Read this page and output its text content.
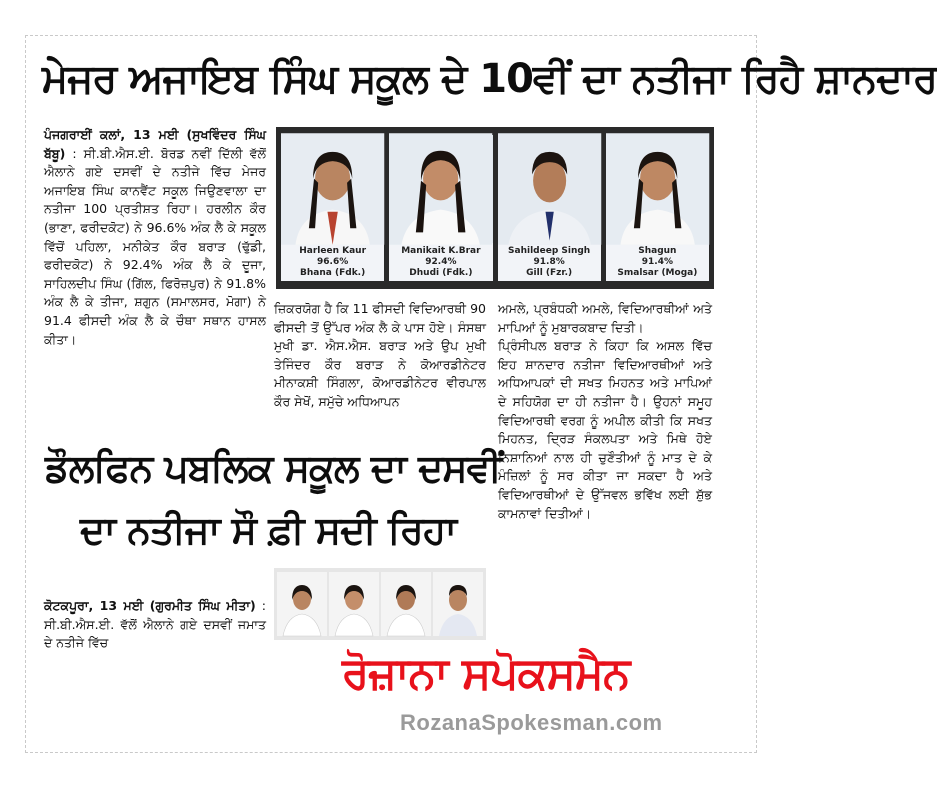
ਮੇਜਰ ਅਜਾਇਬ ਸਿੰਘ ਸਕੂਲ ਦੇ 10ਵੀਂ ਦਾ ਨਤੀਜਾ ਰਿਹੈ ਸ਼ਾਨਦਾਰ

ਪੰਜਗਰਾਈਂ ਕਲਾਂ, 13 ਮਈ (ਸੁਖਵਿੰਦਰ ਸਿੰਘ ਬੱਬੂ) : ਸੀ.ਬੀ.ਐਸ.ਈ. ਬੋਰਡ ਨਵੀਂ ਦਿੱਲੀ ਵੱਲੋਂ ਐਲਾਨੇ ਗਏ ਦਸਵੀਂ ਦੇ ਨਤੀਜੇ ਵਿੱਚ ਮੇਜਰ ਅਜਾਇਬ ਸਿੰਘ ਕਾਨਵੈਂਟ ਸਕੂਲ ਜਿਉਣਵਾਲਾ ਦਾ ਨਤੀਜਾ 100 ਪ੍ਰਤੀਸ਼ਤ ਰਿਹਾ। ਹਰਲੀਨ ਕੌਰ (ਭਾਣਾ, ਫਰੀਦਕੋਟ) ਨੇ 96.6% ਅੰਕ ਲੈ ਕੇ ਸਕੂਲ ਵਿੱਚੋਂ ਪਹਿਲਾ, ਮਨੀਕੇਤ ਕੌਰ ਬਰਾੜ (ਢੁੱਡੀ, ਫਰੀਦਕੋਟ) ਨੇ 92.4% ਅੰਕ ਲੈ ਕੇ ਦੂਜਾ, ਸਾਹਿਲਦੀਪ ਸਿੰਘ (ਗਿੱਲ, ਫਿਰੋਜ਼ਪੁਰ) ਨੇ 91.8% ਅੰਕ ਲੈ ਕੇ ਤੀਜਾ, ਸ਼ਗੁਨ (ਸਮਾਲਸਰ, ਮੋਗਾ) ਨੇ 91.4 ਫੀਸਦੀ ਅੰਕ ਲੈ ਕੇ ਚੌਥਾ ਸਥਾਨ ਹਾਸਲ ਕੀਤਾ।

Harleen Kaur
96.6%
Bhana (Fdk.)
Manikait K.Brar
92.4%
Dhudi (Fdk.)
Sahildeep Singh
91.8%
Gill (Fzr.)
Shagun
91.4%
Smalsar (Moga)

ਜ਼ਿਕਰਯੋਗ ਹੈ ਕਿ 11 ਫੀਸਦੀ ਵਿਦਿਆਰਥੀ 90 ਫੀਸਦੀ ਤੋਂ ਉੱਪਰ ਅੰਕ ਲੈ ਕੇ ਪਾਸ ਹੋਏ। ਸੰਸਥਾ ਮੁਖੀ ਡਾ. ਐਸ.ਐਸ. ਬਰਾੜ ਅਤੇ ਉਪ ਮੁਖੀ ਤੇਜਿੰਦਰ ਕੌਰ ਬਰਾੜ ਨੇ ਕੋਆਰਡੀਨੇਟਰ ਮੀਨਾਕਸ਼ੀ ਸਿੰਗਲਾ, ਕੋਆਰਡੀਨੇਟਰ ਵੀਰਪਾਲ ਕੌਰ ਸੇਖੋਂ, ਸਮੁੱਚੇ ਅਧਿਆਪਨ

ਅਮਲੇ, ਪ੍ਰਬੰਧਕੀ ਅਮਲੇ, ਵਿਦਿਆਰਥੀਆਂ ਅਤੇ ਮਾਪਿਆਂ ਨੂੰ ਮੁਬਾਰਕਬਾਦ ਦਿਤੀ।

ਪ੍ਰਿੰਸੀਪਲ ਬਰਾੜ ਨੇ ਕਿਹਾ ਕਿ ਅਸਲ ਵਿੱਚ ਇਹ ਸ਼ਾਨਦਾਰ ਨਤੀਜਾ ਵਿਦਿਆਰਥੀਆਂ ਅਤੇ ਅਧਿਆਪਕਾਂ ਦੀ ਸਖਤ ਮਿਹਨਤ ਅਤੇ ਮਾਪਿਆਂ ਦੇ ਸਹਿਯੋਗ ਦਾ ਹੀ ਨਤੀਜਾ ਹੈ। ਉਹਨਾਂ ਸਮੂਹ ਵਿਦਿਆਰਥੀ ਵਰਗ ਨੂੰ ਅਪੀਲ ਕੀਤੀ ਕਿ ਸਖਤ ਮਿਹਨਤ, ਦ੍ਰਿੜ ਸੰਕਲਪਤਾ ਅਤੇ ਮਿਥੇ ਹੋਏ ਨਿਸ਼ਾਨਿਆਂ ਨਾਲ ਹੀ ਚੁਣੌਤੀਆਂ ਨੂੰ ਮਾਤ ਦੇ ਕੇ ਮੰਜ਼ਿਲਾਂ ਨੂੰ ਸਰ ਕੀਤਾ ਜਾ ਸਕਦਾ ਹੈ ਅਤੇ ਵਿਦਿਆਰਥੀਆਂ ਦੇ ਉੱਜਵਲ ਭਵਿੱਖ ਲਈ ਸ਼ੁੱਭ ਕਾਮਨਾਵਾਂ ਦਿਤੀਆਂ।

ਡੌਲਫਿਨ ਪਬਲਿਕ ਸਕੂਲ ਦਾ ਦਸਵੀਂ
ਦਾ ਨਤੀਜਾ ਸੌ ਫ਼ੀ ਸਦੀ ਰਿਹਾ

ਕੋਟਕਪੂਰਾ, 13 ਮਈ (ਗੁਰਮੀਤ ਸਿੰਘ ਮੀਤਾ) : ਸੀ.ਬੀ.ਐਸ.ਈ. ਵੱਲੋਂ ਐਲਾਨੇ ਗਏ ਦਸਵੀਂ ਜਮਾਤ ਦੇ ਨਤੀਜੇ ਵਿੱਚ

ਰੋਜ਼ਾਨਾ ਸਪੋਕਸਮੈਨ
RozanaSpokesman.com
